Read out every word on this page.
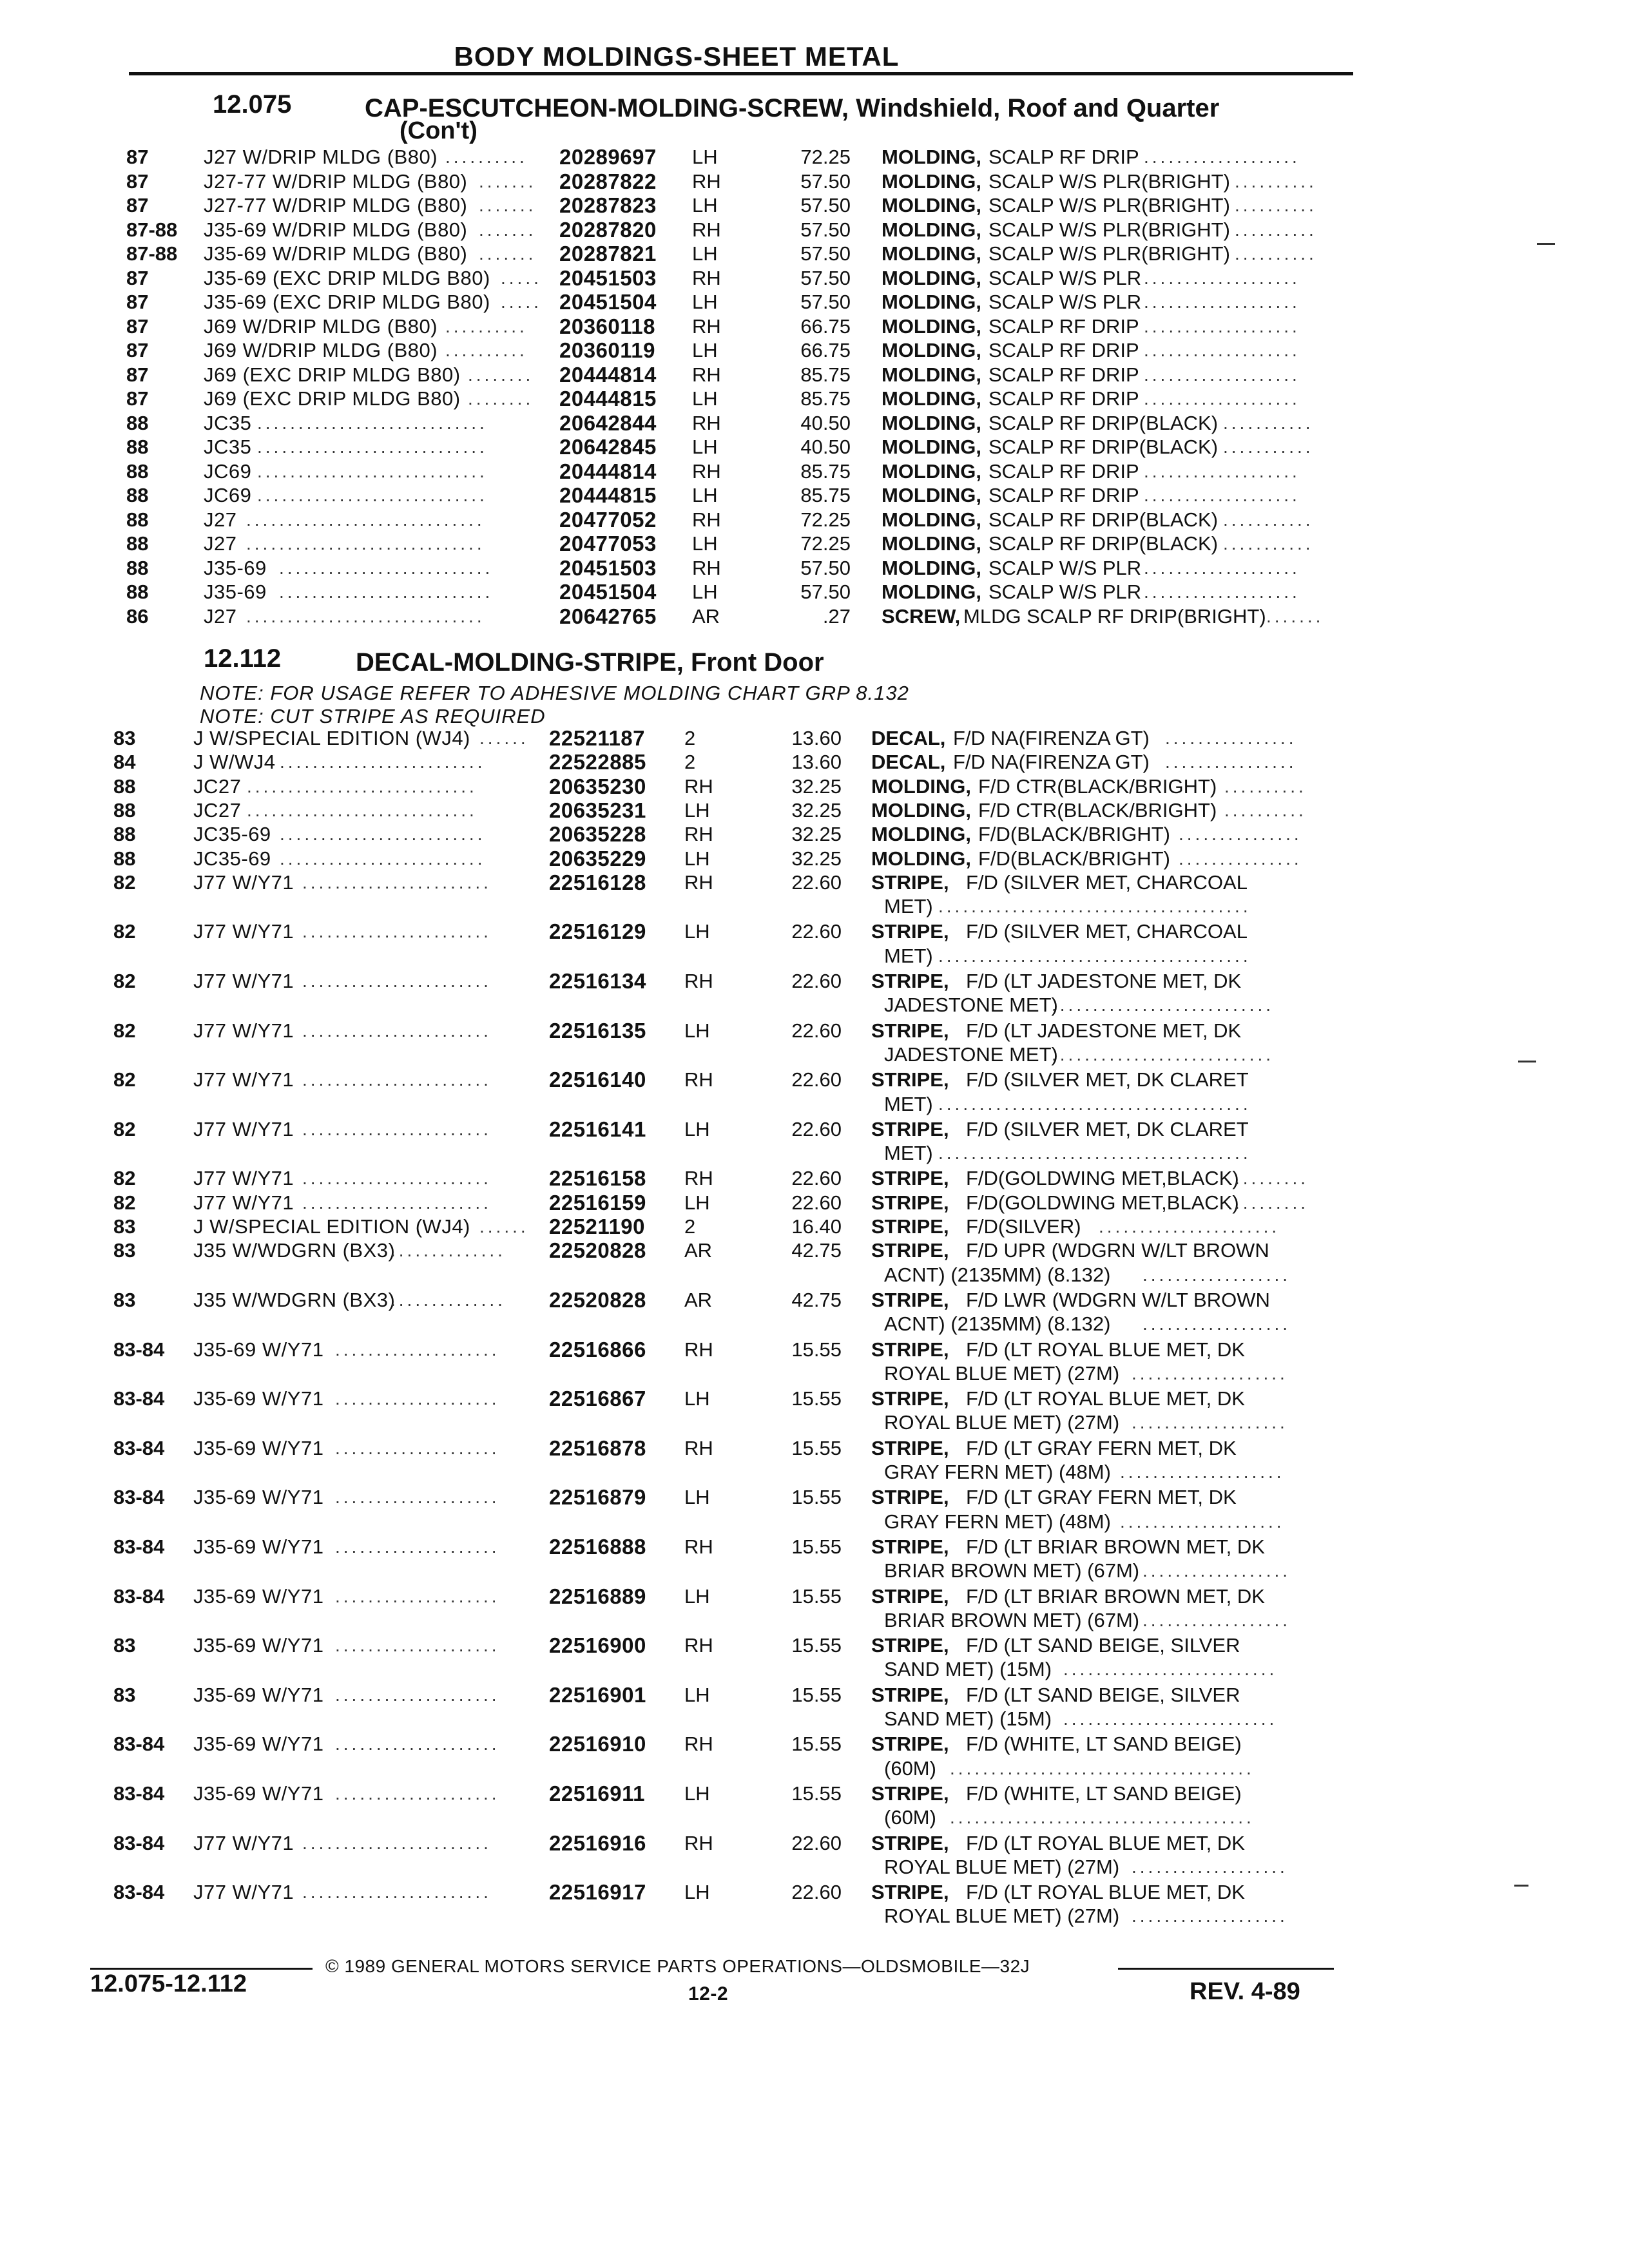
BODY MOLDINGS-SHEET METAL
12.075	CAP-ESCUTCHEON-MOLDING-SCREW, Windshield, Roof and Quarter
(Con't)
87	J27 W/DRIP MLDG (B80) ..........	20289697 LH	72.25 MOLDING, SCALP RF DRIP ...................
87	J27-77 W/DRIP MLDG (B80) .......	20287822 RH	57.50 MOLDING, SCALP W/S PLR(BRIGHT) ..........
87	J27-77 W/DRIP MLDG (B80) .......	20287823 LH	57.50 MOLDING, SCALP W/S PLR(BRIGHT) ..........
87-88 J35-69 W/DRIP MLDG (B80) .......	20287820 RH	57.50 MOLDING, SCALP W/S PLR(BRIGHT) ..........
87-88 J35-69 W/DRIP MLDG (B80) .......	20287821 LH	57.50 MOLDING, SCALP W/S PLR(BRIGHT) ..........
87	J35-69 (EXC DRIP MLDG B80) ..... 20451503 RH	57.50 MOLDING, SCALP W/S PLR ...................
87	J35-69 (EXC DRIP MLDG B80) ..... 20451504 LH	57.50 MOLDING, SCALP W/S PLR ...................
87	J69 W/DRIP MLDG (B80) ..........	20360118 RH	66.75 MOLDING, SCALP RF DRIP ...................
87	J69 W/DRIP MLDG (B80) ..........	20360119 LH	66.75 MOLDING, SCALP RF DRIP ...................
87	J69 (EXC DRIP MLDG B80) ........	20444814 RH	85.75 MOLDING, SCALP RF DRIP ...................
87	J69 (EXC DRIP MLDG B80) ........	20444815 LH	85.75 MOLDING, SCALP RF DRIP ...................
88	JC35 ............................	20642844 RH	40.50 MOLDING, SCALP RF DRIP(BLACK) ...........
88	JC35 ............................	20642845 LH	40.50 MOLDING, SCALP RF DRIP(BLACK) ...........
88	JC69 ............................	20444814 RH	85.75 MOLDING, SCALP RF DRIP ...................
88	JC69 ............................	20444815 LH	85.75 MOLDING, SCALP RF DRIP ...................
88	J27 .............................	20477052 RH	72.25 MOLDING, SCALP RF DRIP(BLACK) ...........
88	J27 .............................	20477053 LH	72.25 MOLDING, SCALP RF DRIP(BLACK) ...........
88	J35-69 ..........................	20451503 RH	57.50 MOLDING, SCALP W/S PLR ...................
88	J35-69 ..........................	20451504 LH	57.50 MOLDING, SCALP W/S PLR ...................
86	J27 .............................	20642765 AR	.27 SCREW, MLDG SCALP RF DRIP(BRIGHT) .......
12.112	DECAL-MOLDING-STRIPE, Front Door
NOTE: FOR USAGE REFER TO ADHESIVE MOLDING CHART GRP 8.132
NOTE: CUT STRIPE AS REQUIRED
83	J W/SPECIAL EDITION (WJ4) ...... 22521187 2	13.60 DECAL, F/D NA(FIRENZA GT) ................
84	J W/WJ4 .........................	22522885 2	13.60 DECAL, F/D NA(FIRENZA GT) ................
88	JC27 ............................	20635230 RH	32.25 MOLDING, F/D CTR(BLACK/BRIGHT) ..........
88	JC27 ............................	20635231 LH	32.25 MOLDING, F/D CTR(BLACK/BRIGHT) ..........
88	JC35-69 .........................	20635228 RH	32.25 MOLDING, F/D(BLACK/BRIGHT) ...............
88	JC35-69 .........................	20635229 LH	32.25 MOLDING, F/D(BLACK/BRIGHT) ...............
82	J77 W/Y71 .......................	22516128 RH	22.60 STRIPE, F/D (SILVER MET, CHARCOAL
MET) ......................................
82	J77 W/Y71 .......................	22516129 LH	22.60 STRIPE, F/D (SILVER MET, CHARCOAL
MET) ......................................
82	J77 W/Y71 .......................	22516134 RH	22.60 STRIPE, F/D (LT JADESTONE MET, DK
JADESTONE MET)
...........................
82	J77 W/Y71 .......................	22516135 LH	22.60 STRIPE, F/D (LT JADESTONE MET, DK
JADESTONE MET)
...........................
82	J77 W/Y71 .......................	22516140 RH	22.60 STRIPE, F/D (SILVER MET, DK CLARET
MET) ......................................
82	J77 W/Y71 .......................	22516141 LH	22.60 STRIPE, F/D (SILVER MET, DK CLARET
MET) ......................................
82	J77 W/Y71 .......................	22516158 RH	22.60 STRIPE, F/D(GOLDWING MET,BLACK)
.........
82	J77 W/Y71 .......................	22516159 LH	22.60 STRIPE, F/D(GOLDWING MET,BLACK)
.........
83	J W/SPECIAL EDITION (WJ4) ...... 22521190 2	16.40 STRIPE, F/D(SILVER) ......................
83	J35 W/WDGRN (BX3)
..............	22520828 AR	42.75 STRIPE, F/D UPR (WDGRN W/LT BROWN
ACNT) (2135MM) (8.132) ..................
83	J35 W/WDGRN (BX3)
..............	22520828 AR	42.75 STRIPE, F/D LWR (WDGRN W/LT BROWN
ACNT) (2135MM) (8.132) ..................
83-84 J35-69 W/Y71 ....................	22516866 RH	15.55 STRIPE, F/D (LT ROYAL BLUE MET, DK
ROYAL BLUE MET) (27M) ...................
83-84 J35-69 W/Y71 ....................	22516867 LH	15.55 STRIPE, F/D (LT ROYAL BLUE MET, DK
ROYAL BLUE MET) (27M) ...................
83-84 J35-69 W/Y71 ....................	22516878 RH	15.55 STRIPE, F/D (LT GRAY FERN MET, DK
GRAY FERN MET) (48M) ....................
83-84 J35-69 W/Y71 ....................	22516879 LH	15.55 STRIPE, F/D (LT GRAY FERN MET, DK
GRAY FERN MET) (48M) ....................
83-84 J35-69 W/Y71 ....................	22516888 RH	15.55 STRIPE, F/D (LT BRIAR BROWN MET, DK
BRIAR BROWN MET) (67M) ..................
83-84 J35-69 W/Y71 ....................	22516889 LH	15.55 STRIPE, F/D (LT BRIAR BROWN MET, DK
BRIAR BROWN MET) (67M) ..................
83	J35-69 W/Y71 ....................	22516900 RH	15.55 STRIPE, F/D (LT SAND BEIGE, SILVER
SAND MET) (15M) ..........................
83	J35-69 W/Y71 ....................	22516901 LH	15.55 STRIPE, F/D (LT SAND BEIGE, SILVER
SAND MET) (15M) ..........................
83-84 J35-69 W/Y71 ....................	22516910 RH	15.55 STRIPE, F/D (WHITE, LT SAND BEIGE)
(60M) .....................................
83-84 J35-69 W/Y71 ....................	22516911 LH	15.55 STRIPE, F/D (WHITE, LT SAND BEIGE)
(60M) .....................................
83-84 J77 W/Y71 .......................	22516916 RH	22.60 STRIPE, F/D (LT ROYAL BLUE MET, DK
ROYAL BLUE MET) (27M) ...................
83-84 J77 W/Y71 .......................	22516917 LH	22.60 STRIPE, F/D (LT ROYAL BLUE MET, DK
ROYAL BLUE MET) (27M) ...................
© 1989 GENERAL MOTORS SERVICE PARTS OPERATIONS—OLDSMOBILE—32J
12.075-12.112	12-2	REV. 4-89
